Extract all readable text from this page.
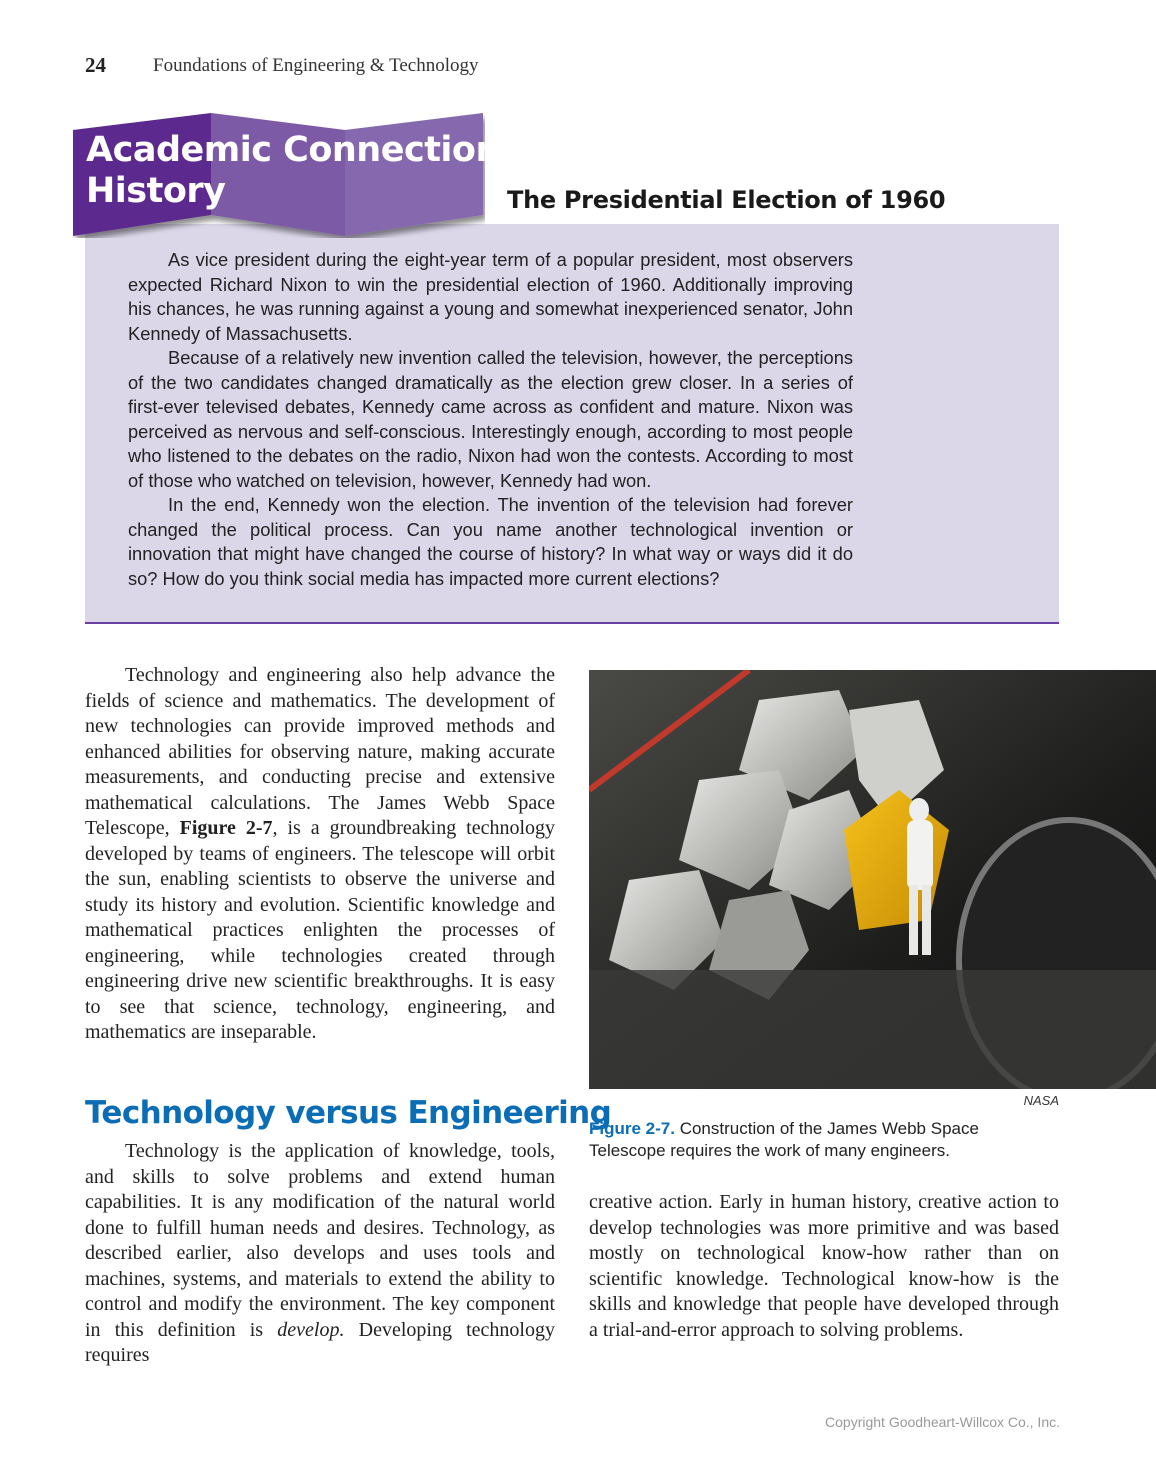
24 Foundations of Engineering & Technology
Academic Connection:
History	The Presidential Election of 1960

As vice president during the eight-year term of a popular president, most observers expected Richard Nixon to win the presidential election of 1960. Additionally improving his chances, he was running against a young and somewhat inexperienced senator, John Kennedy of Massachusetts.

Because of a relatively new invention called the television, however, the perceptions of the two candidates changed dramatically as the election grew closer. In a series of first-ever televised debates, Kennedy came across as confident and mature. Nixon was perceived as nervous and self-conscious. Interestingly enough, according to most people who listened to the debates on the radio, Nixon had won the contests. According to most of those who watched on television, however, Kennedy had won.

In the end, Kennedy won the election. The invention of the television had forever changed the political process. Can you name another technological invention or innovation that might have changed the course of history? In what way or ways did it do so? How do you think social media has impacted more current elections?

Technology and engineering also help advance the fields of science and mathematics. The development of new technologies can provide improved methods and enhanced abilities for observing nature, making accurate measurements, and conducting precise and extensive mathematical calculations. The James Webb Space Telescope, Figure 2-7, is a groundbreaking technology developed by teams of engineers. The telescope will orbit the sun, enabling scientists to observe the universe and study its history and evolution. Scientific knowledge and mathematical practices enlighten the processes of engineering, while technologies created through engineering drive new scientific breakthroughs. It is easy to see that science, technology, engineering, and mathematics are inseparable.

Technology versus Engineering

Technology is the application of knowledge, tools, and skills to solve problems and extend human capabilities. It is any modification of the natural world done to fulfill human needs and desires. Technology, as described earlier, also develops and uses tools and machines, systems, and materials to extend the ability to control and modify the environment. The key component in this definition is develop. Developing technology requires

creative action. Early in human history, creative action to develop technologies was more primitive and was based mostly on technological know-how rather than on scientific knowledge. Technological know-how is the skills and knowledge that people have developed through a trial-and-error approach to solving problems.

NASA
Figure 2-7. Construction of the James Webb Space Telescope requires the work of many engineers.
Copyright Goodheart-Willcox Co., Inc.
